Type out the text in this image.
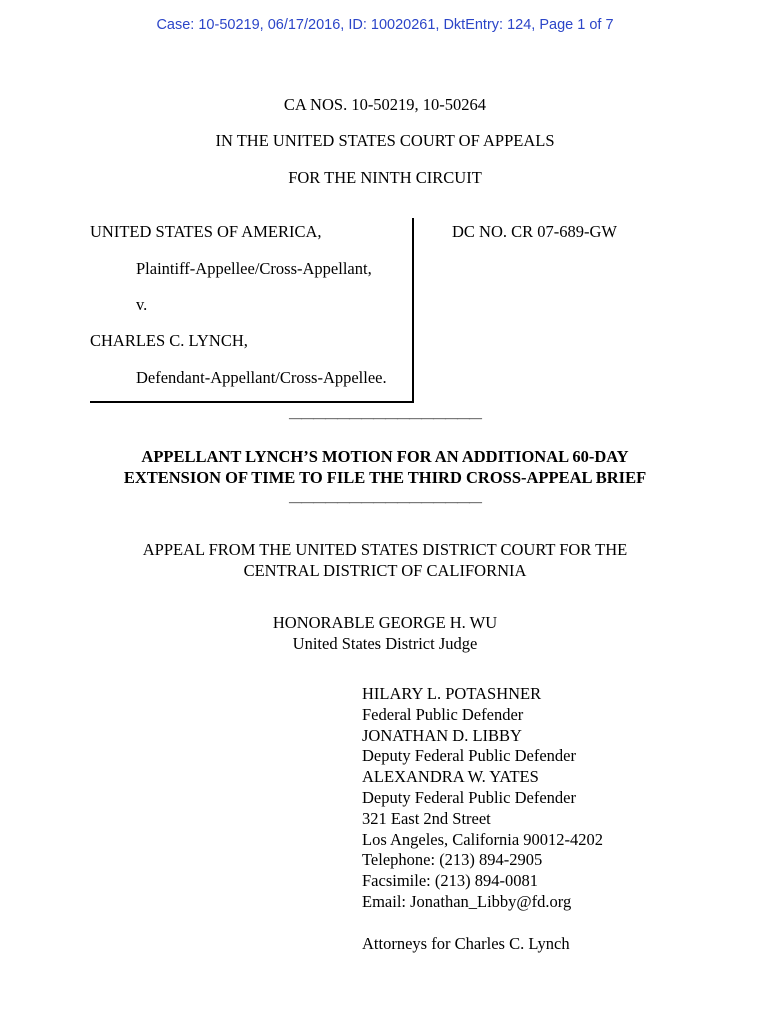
Case: 10-50219, 06/17/2016, ID: 10020261, DktEntry: 124, Page 1 of 7
CA NOS. 10-50219, 10-50264
IN THE UNITED STATES COURT OF APPEALS
FOR THE NINTH CIRCUIT
UNITED STATES OF AMERICA,
Plaintiff-Appellee/Cross-Appellant,
v.
CHARLES C. LYNCH,
Defendant-Appellant/Cross-Appellee.
DC NO. CR 07-689-GW
————————————————
APPELLANT LYNCH’S MOTION FOR AN ADDITIONAL 60-DAY
EXTENSION OF TIME TO FILE THE THIRD CROSS-APPEAL BRIEF
————————————————
APPEAL FROM THE UNITED STATES DISTRICT COURT FOR THE
CENTRAL DISTRICT OF CALIFORNIA
HONORABLE GEORGE H. WU
United States District Judge
HILARY L. POTASHNER
Federal Public Defender
JONATHAN D. LIBBY
Deputy Federal Public Defender
ALEXANDRA W. YATES
Deputy Federal Public Defender
321 East 2nd Street
Los Angeles, California 90012-4202
Telephone: (213) 894-2905
Facsimile: (213) 894-0081
Email: Jonathan_Libby@fd.org
Attorneys for Charles C. Lynch
